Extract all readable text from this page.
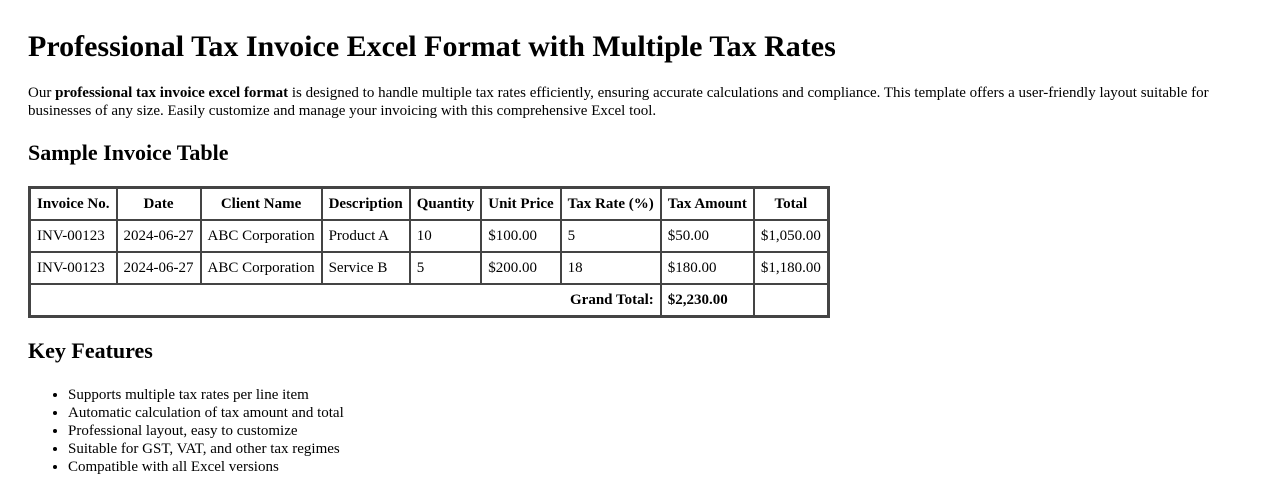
Professional Tax Invoice Excel Format with Multiple Tax Rates

Our professional tax invoice excel format is designed to handle multiple tax rates efficiently, ensuring accurate calculations and compliance. This template offers a user-friendly layout suitable for businesses of any size. Easily customize and manage your invoicing with this comprehensive Excel tool.

Sample Invoice Table
Invoice No.	Date	Client Name	Description	Quantity	Unit Price	Tax Rate (%)	Tax Amount	Total
INV-00123	2024-06-27	ABC Corporation	Product A	10	$100.00	5	$50.00	$1,050.00
INV-00123	2024-06-27	ABC Corporation	Service B	5	$200.00	18	$180.00	$1,180.00
Grand Total:							$2,230.00	
Key Features
• Supports multiple tax rates per line item
• Automatic calculation of tax amount and total
• Professional layout, easy to customize
• Suitable for GST, VAT, and other tax regimes
• Compatible with all Excel versions
